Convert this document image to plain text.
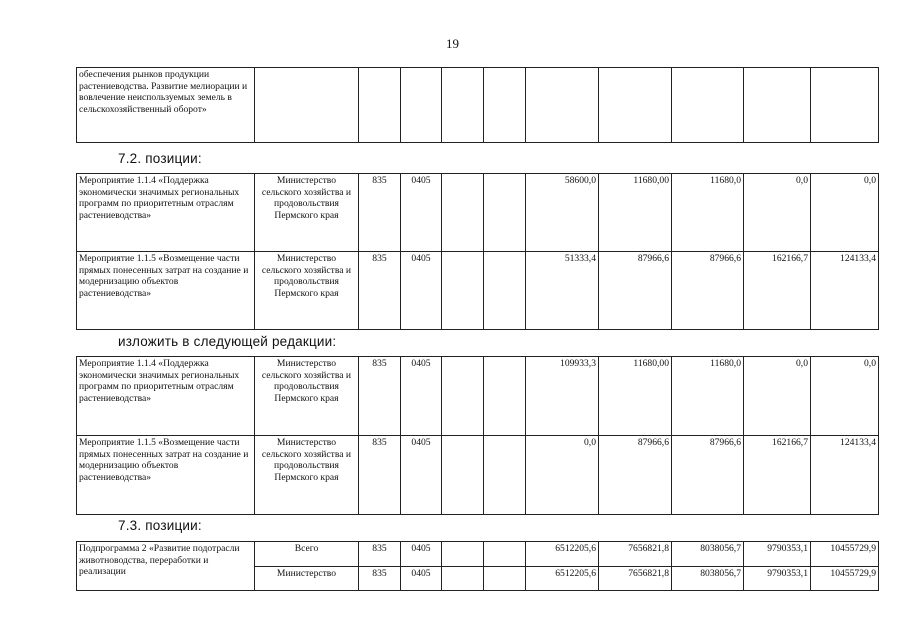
19
обеспечения рынков продукции растениеводства. Развитие мелиорации и вовлечение неиспользуемых земель в сельскохозяйственный оборот»										
7.2. позиции:
Мероприятие 1.1.4 «Поддержка экономически значимых региональных программ по приоритетным отраслям растениеводства»	Министерство сельского хозяйства и продовольствия Пермского края	835	0405			58600,0	11680,00	11680,0	0,0	0,0
Мероприятие 1.1.5 «Возмещение части прямых понесенных затрат на создание и модернизацию объектов растениеводства»	Министерство сельского хозяйства и продовольствия Пермского края	835	0405			51333,4	87966,6	87966,6	162166,7	124133,4
изложить в следующей редакции:
Мероприятие 1.1.4 «Поддержка экономически значимых региональных программ по приоритетным отраслям растениеводства»	Министерство сельского хозяйства и продовольствия Пермского края	835	0405			109933,3	11680,00	11680,0	0,0	0,0
Мероприятие 1.1.5 «Возмещение части прямых понесенных затрат на создание и модернизацию объектов растениеводства»	Министерство сельского хозяйства и продовольствия Пермского края	835	0405			0,0	87966,6	87966,6	162166,7	124133,4
7.3. позиции:
Подпрограмма 2 «Развитие подотрасли животноводства, переработки и реализации	Всего	835	0405			6512205,6	7656821,8	8038056,7	9790353,1	10455729,9
	Министерство	835	0405			6512205,6	7656821,8	8038056,7	9790353,1	10455729,9
